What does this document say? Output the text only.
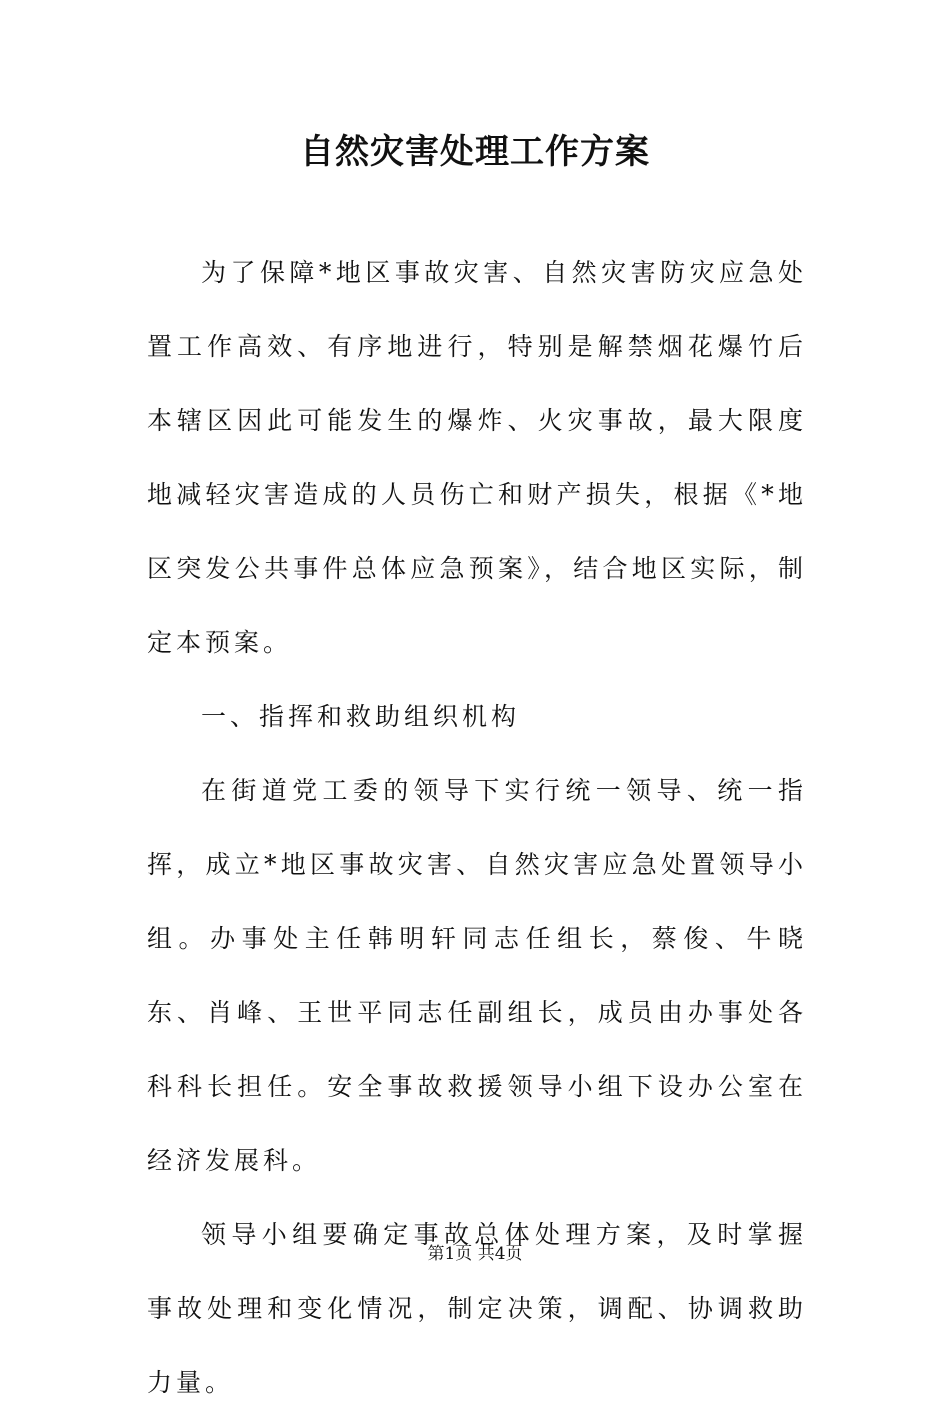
自然灾害处理工作方案

为了保障*地区事故灾害、自然灾害防灾应急处置工作高效、有序地进行，特别是解禁烟花爆竹后本辖区因此可能发生的爆炸、火灾事故，最大限度地减轻灾害造成的人员伤亡和财产损失，根据《*地区突发公共事件总体应急预案》，结合地区实际，制定本预案。

一、指挥和救助组织机构

在街道党工委的领导下实行统一领导、统一指挥，成立*地区事故灾害、自然灾害应急处置领导小组。办事处主任韩明轩同志任组长，蔡俊、牛晓东、肖峰、王世平同志任副组长，成员由办事处各科科长担任。安全事故救援领导小组下设办公室在经济发展科。

领导小组要确定事故总体处理方案，及时掌握事故处理和变化情况，制定决策，调配、协调救助力量。

第1页 共4页
